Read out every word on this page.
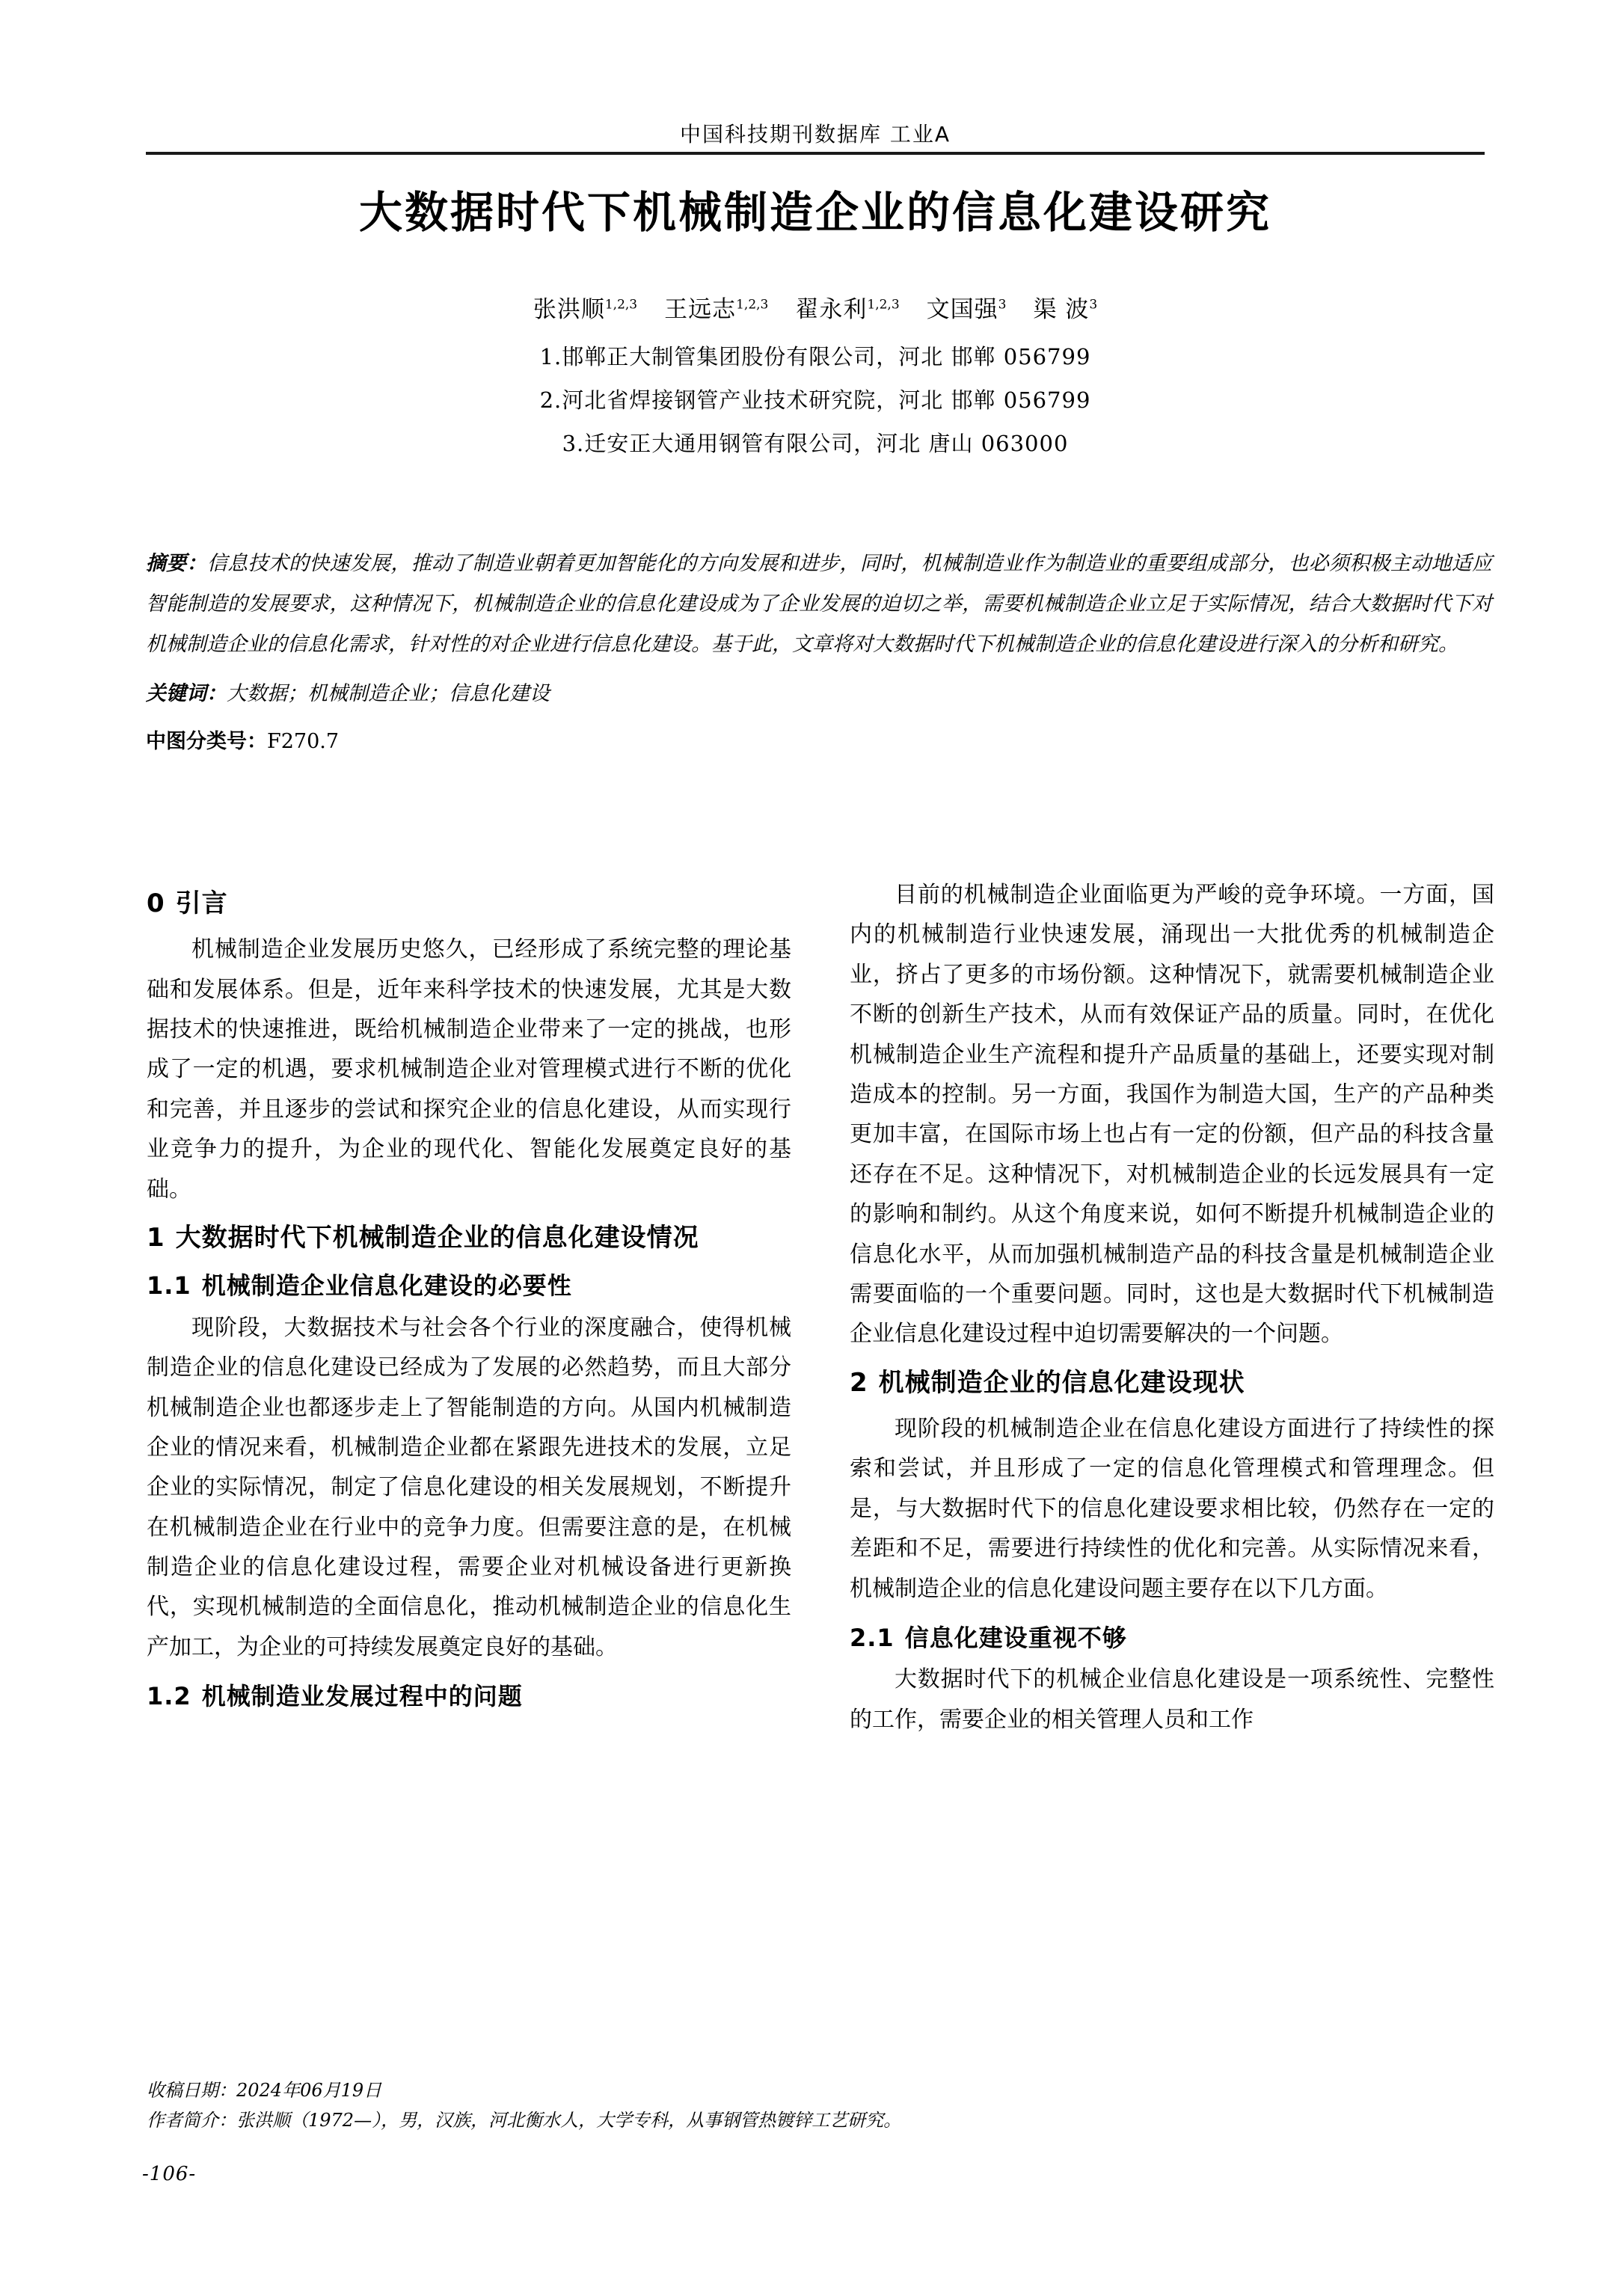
中国科技期刊数据库 工业A
大数据时代下机械制造企业的信息化建设研究
张洪顺$^{1,2,3}$ 王远志$^{1,2,3}$ 翟永利$^{1,2,3}$ 文国强$^3$ 渠 波$^3$
1.邯郸正大制管集团股份有限公司，河北 邯郸 056799
2.河北省焊接钢管产业技术研究院，河北 邯郸 056799
3.迁安正大通用钢管有限公司，河北 唐山 063000

摘要：信息技术的快速发展，推动了制造业朝着更加智能化的方向发展和进步，同时，机械制造业作为制造业的重要组成部分，也必须积极主动地适应智能制造的发展要求，这种情况下，机械制造企业的信息化建设成为了企业发展的迫切之举，需要机械制造企业立足于实际情况，结合大数据时代下对机械制造企业的信息化需求，针对性的对企业进行信息化建设。基于此，文章将对大数据时代下机械制造企业的信息化建设进行深入的分析和研究。

关键词：大数据；机械制造企业；信息化建设

中图分类号：F270.7

0 引言

机械制造企业发展历史悠久，已经形成了系统完整的理论基础和发展体系。但是，近年来科学技术的快速发展，尤其是大数据技术的快速推进，既给机械制造企业带来了一定的挑战，也形成了一定的机遇，要求机械制造企业对管理模式进行不断的优化和完善，并且逐步的尝试和探究企业的信息化建设，从而实现行业竞争力的提升，为企业的现代化、智能化发展奠定良好的基础。

1 大数据时代下机械制造企业的信息化建设情况
1.1 机械制造企业信息化建设的必要性

现阶段，大数据技术与社会各个行业的深度融合，使得机械制造企业的信息化建设已经成为了发展的必然趋势，而且大部分机械制造企业也都逐步走上了智能制造的方向。从国内机械制造企业的情况来看，机械制造企业都在紧跟先进技术的发展，立足企业的实际情况，制定了信息化建设的相关发展规划，不断提升在机械制造企业在行业中的竞争力度。但需要注意的是，在机械制造企业的信息化建设过程，需要企业对机械设备进行更新换代，实现机械制造的全面信息化，推动机械制造企业的信息化生产加工，为企业的可持续发展奠定良好的基础。

1.2 机械制造业发展过程中的问题

目前的机械制造企业面临更为严峻的竞争环境。一方面，国内的机械制造行业快速发展，涌现出一大批优秀的机械制造企业，挤占了更多的市场份额。这种情况下，就需要机械制造企业不断的创新生产技术，从而有效保证产品的质量。同时，在优化机械制造企业生产流程和提升产品质量的基础上，还要实现对制造成本的控制。另一方面，我国作为制造大国，生产的产品种类更加丰富，在国际市场上也占有一定的份额，但产品的科技含量还存在不足。这种情况下，对机械制造企业的长远发展具有一定的影响和制约。从这个角度来说，如何不断提升机械制造企业的信息化水平，从而加强机械制造产品的科技含量是机械制造企业需要面临的一个重要问题。同时，这也是大数据时代下机械制造企业信息化建设过程中迫切需要解决的一个问题。

2 机械制造企业的信息化建设现状

现阶段的机械制造企业在信息化建设方面进行了持续性的探索和尝试，并且形成了一定的信息化管理模式和管理理念。但是，与大数据时代下的信息化建设要求相比较，仍然存在一定的差距和不足，需要进行持续性的优化和完善。从实际情况来看，机械制造企业的信息化建设问题主要存在以下几方面。

2.1 信息化建设重视不够

大数据时代下的机械企业信息化建设是一项系统性、完整性的工作，需要企业的相关管理人员和工作

收稿日期：2024年06月19日
作者简介：张洪顺（1972—），男，汉族，河北衡水人，大学专科，从事钢管热镀锌工艺研究。
-106-
